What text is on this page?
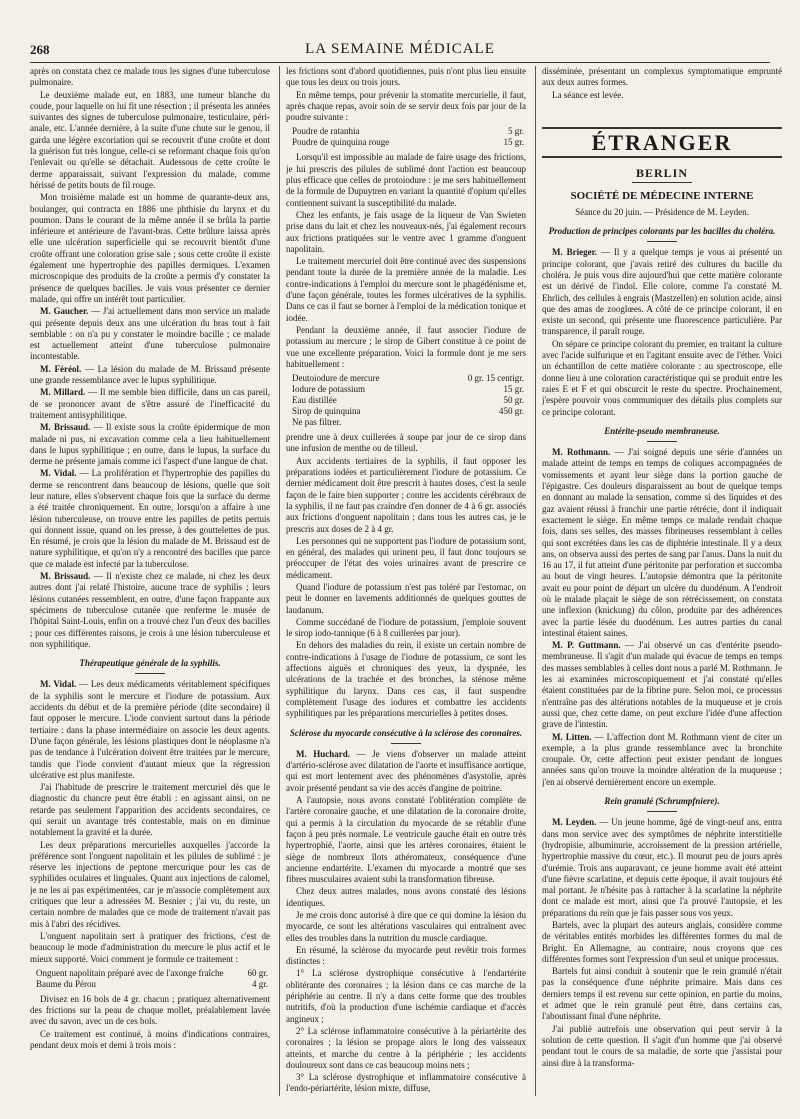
268	LA SEMAINE MÉDICALE

après on constata chez ce malade tous les signes d'une tuberculose pulmonaire.

Le deuxième malade eut, en 1883, une tumeur blanche du coude, pour laquelle on lui fit une résection ; il présenta les années suivantes des signes de tuberculose pulmonaire, testiculaire, péri-anale, etc. L'année dernière, à la suite d'une chute sur le genou, il garda une légère excoriation qui se recouvrit d'une croûte et dont la guérison fut très longue, celle-ci se reformant chaque fois qu'on l'enlevait ou qu'elle se détachait. Audessous de cette croûte le derme apparaissait, suivant l'expression du malade, comme hérissé de petits bouts de fil rouge.

Mon troisième malade est un homme de quarante-deux ans, boulanger, qui contracta en 1886 une phthisie du larynx et du poumon. Dans le courant de la même année il se brûla la partie inférieure et antérieure de l'avant-bras. Cette brûlure laissa après elle une ulcération superficielle qui se recouvrit bientôt d'une croûte offrant une coloration grise sale ; sous cette croûte il existe également une hypertrophie des papilles dermiques. L'examen microscopique des produits de la croûte a permis d'y constater la présence de quelques bacilles. Je vais vous présenter ce dernier malade, qui offre un intérêt tout particulier.

M. Gaucher. — J'ai actuellement dans mon service un malade qui présente depuis deux ans une ulcération du bras tout à fait semblable : on n'a pu y constater le moindre bacille ; ce malade est actuellement atteint d'une tuberculose pulmonaire incontestable.

M. Féréol. — La lésion du malade de M. Brissaud présente une grande ressemblance avec le lupus syphilitique.

M. Millard. — Il me semble bien difficile, dans un cas pareil, de se prononcer avant de s'être assuré de l'inefficacité du traitement antisyphilitique.

M. Brissaud. — Il existe sous la croûte épidermique de mon malade ni pus, ni excavation comme cela a lieu habituellement dans le lupus syphilitique ; en outre, dans le lupus, la surface du derme ne présente jamais comme ici l'aspect d'une langue de chat.

M. Vidal. — La prolifération et l'hypertrophie des papilles du derme se rencontrent dans beaucoup de lésions, quelle que soit leur nature, elles s'observent chaque fois que la surface du derme a été traitée chroniquement. En outre, lorsqu'on a affaire à une lésion tuberculeuse, on trouve entre les papilles de petits pertuis qui donnent issue, quand on les presse, à des gouttelettes de pus. En résumé, je crois que la lésion du malade de M. Brissaud est de nature syphilitique, et qu'on n'y a rencontré des bacilles que parce que ce malade est infecté par la tuberculose.

M. Brissaud. — Il n'existe chez ce malade, ni chez les deux autres dont j'ai relaté l'histoire, aucune trace de syphilis ; leurs lésions cutanées ressemblent, en outre, d'une façon frappante aux spécimens de tuberculose cutanée que renferme le musée de l'hôpital Saint-Louis, enfin on a trouvé chez l'un d'eux des bacilles ; pour ces différentes raisons, je crois à une lésion tuberculeuse et non syphilitique.

Thérapeutique générale de la syphilis.

M. Vidal. — Les deux médicaments véritablement spécifiques de la syphilis sont le mercure et l'iodure de potassium. Aux accidents du début et de la première période (dite secondaire) il faut opposer le mercure. L'iode convient surtout dans la période tertiaire : dans la phase intermédiaire on associe les deux agents. D'une façon générale, les lésions plastiques dont le néoplasme n'a pas de tendance à l'ulcération doivent être traitées par le mercure, tandis que l'iode convient d'autant mieux que la régression ulcérative est plus manifeste.

J'ai l'habitude de prescrire le traitement mercuriel dès que le diagnostic du chancre peut être établi : en agissant ainsi, on ne retarde pas seulement l'apparition des accidents secondaires, ce qui serait un avantage très contestable, mais on en diminue notablement la gravité et la durée.

Les deux préparations mercurielles auxquelles j'accorde la préférence sont l'onguent napolitain et les pilules de sublimé : je réserve les injections de peptone mercurique pour les cas de syphilides oculaires et linguales. Quant aux injections de calomel, je ne les ai pas expérimentées, car je m'associe complètement aux critiques que leur a adressées M. Besnier ; j'ai vu, du reste, un certain nombre de malades que ce mode de traitement n'avait pas mis à l'abri des récidives.

L'onguent napolitain sert à pratiquer des frictions, c'est de beaucoup le mode d'administration du mercure le plus actif et le mieux supporté. Voici comment je formule ce traitement :

Onguent napolitain préparé avec de l'axonge fraîche	60 gr.
Baume du Pérou	4 gr.

Divisez en 16 bols de 4 gr. chacun ; pratiquez alternativement des frictions sur la peau de chaque mollet, préalablement lavée avec du savon, avec un de ces bols.

Ce traitement est continué, à moins d'indications contraires, pendant deux mois et demi à trois mois :

les frictions sont d'abord quotidiennes, puis n'ont plus lieu ensuite que tous les deux ou trois jours.

En même temps, pour prévenir la stomatite mercurielle, il faut, après chaque repas, avoir soin de se servir deux fois par jour de la poudre suivante :

Poudre de ratanhia	5 gr.
Poudre de quinquina rouge	15 gr.

Lorsqu'il est impossible au malade de faire usage des frictions, je lui prescris des pilules de sublimé dont l'action est beaucoup plus efficace que celles de protoiodure : je me sers habituellement de la formule de Dupuytren en variant la quantité d'opium qu'elles contiennent suivant la susceptibilité du malade.

Chez les enfants, je fais usage de la liqueur de Van Swieten prise dans du lait et chez les nouveaux-nés, j'ai également recours aux frictions pratiquées sur le ventre avec 1 gramme d'onguent napolitain.

Le traitement mercuriel doit être continué avec des suspensions pendant toute la durée de la première année de la maladie. Les contre-indications à l'emploi du mercure sont le phagédénisme et, d'une façon générale, toutes les formes ulcératives de la syphilis. Dans ce cas il faut se borner à l'emploi de la médication tonique et iodée.

Pendant la deuxième année, il faut associer l'iodure de potassium au mercure ; le sirop de Gibert constitue à ce point de vue une excellente préparation. Voici la formule dont je me sers habituellement :

Deutoiodure de mercure	0 gr. 15 centigr.
Iodure de potassium	15 gr.
Eau distillée	50 gr.
Sirop de quinquina	450 gr.
Ne pas filtrer.	

prendre une à deux cuillerées à soupe par jour de ce sirop dans une infusion de menthe ou de tilleul.

Aux accidents tertiaires de la syphilis, il faut opposer les préparations iodées et particulièrement l'iodure de potassium. Ce dernier médicament doit être prescrit à hautes doses, c'est la seule façon de le faire bien supporter ; contre les accidents cérébraux de la syphilis, il ne faut pas craindre d'en donner de 4 à 6 gr. associés aux frictions d'onguent napolitain ; dans tous les autres cas, je le prescris aux doses de 2 à 4 gr.

Les personnes qui ne supportent pas l'iodure de potassium sont, en général, des malades qui urinent peu, il faut donc toujours se préoccuper de l'état des voies urinaires avant de prescrire ce médicament.

Quand l'iodure de potassium n'est pas toléré par l'estomac, on peut le donner en lavements additionnés de quelques gouttes de laudanum.

Comme succédané de l'iodure de potassium, j'emploie souvent le sirop iodo-tannique (6 à 8 cuillerées par jour).

En dehors des maladies du rein, il existe un certain nombre de contre-indications à l'usage de l'iodure de potassium, ce sont les affections aiguës et chroniques des yeux, la dyspnée, les ulcérations de la trachée et des bronches, la sténose même syphilitique du larynx. Dans ces cas, il faut suspendre complètement l'usage des iodures et combattre les accidents syphilitiques par les préparations mercurielles à petites doses.

Sclérose du myocarde consécutive à la sclérose des coronaires.

M. Huchard. — Je viens d'observer un malade atteint d'artério-sclérose avec dilatation de l'aorte et insuffisance aortique, qui est mort lentement avec des phénomènes d'asystolie, après avoir présenté pendant sa vie des accès d'angine de poitrine.

A l'autopsie, nous avons constaté l'oblitération complète de l'artère coronaire gauche, et une dilatation de la coronaire droite, qui a permis à la circulation du myocarde de se rétablir d'une façon à peu près normale. Le ventricule gauche était en outre très hypertrophié, l'aorte, ainsi que les artères coronaires, étaient le siège de nombreux îlots athéromateux, conséquence d'une ancienne endartérite. L'examen du myocarde a montré que ses fibres musculaires avaient subi la transformation fibreuse.

Chez deux autres malades, nous avons constaté des lésions identiques.

Je me crois donc autorisé à dire que ce qui domine la lésion du myocarde, ce sont les altérations vasculaires qui entraînent avec elles des troubles dans la nutrition du muscle cardiaque.

En résumé, la sclérose du myocarde peut revêtir trois formes distinctes :

1° La sclérose dystrophique consécutive à l'endartérite oblitérante des coronaires ; la lésion dans ce cas marche de la périphérie au centre. Il n'y a dans cette forme que des troubles nutritifs, d'où la production d'une ischémie cardiaque et d'accès angineux ;

2° La sclérose inflammatoire consécutive à la périartérite des coronaires ; la lésion se propage alors le long des vaisseaux atteints, et marche du centre à la périphérie ; les accidents douloureux sont dans ce cas beaucoup moins nets ;

3° La sclérose dystrophique et inflammatoire consécutive à l'endo-périartérite, lésion mixte, diffuse,

disséminée, présentant un complexus symptomatique emprunté aux deux autres formes.

La séance est levée.

ÉTRANGER
BERLIN
SOCIÉTÉ DE MÉDECINE INTERNE
Séance du 20 juin. — Présidence de M. Leyden.
Production de principes colorants par les bacilles du choléra.

M. Brieger. — Il y a quelque temps je vous ai présenté un principe colorant, que j'avais retiré des cultures du bacille du choléra. Je puis vous dire aujourd'hui que cette matière colorante est un dérivé de l'indol. Elle colore, comme l'a constaté M. Ehrlich, des cellules à engrais (Mastzellen) en solution acide, ainsi que des amas de zooglœes. A côté de ce principe colorant, il en existe un second, qui présente une fluorescence particulière. Par transparence, il paraît rouge.

On sépare ce principe colorant du premier, en traitant la culture avec l'acide sulfurique et en l'agitant ensuite avec de l'éther. Voici un échantillon de cette matière colorante : au spectroscope, elle donne lieu à une coloration caractéristique qui se produit entre les raies E et F et qui obscurcit le reste du spectre. Prochainement, j'espère pouvoir vous communiquer des détails plus complets sur ce principe colorant.

Entérite-pseudo membraneuse.

M. Rothmann. — J'ai soigné depuis une série d'années un malade atteint de temps en temps de coliques accompagnées de vomissements et ayant leur siège dans la portion gauche de l'épigastre. Ces douleurs disparaissent au bout de quelque temps en donnant au malade la sensation, comme si des liquides et des gaz avaient réussi à franchir une partie rétrécie, dont il indiquait exactement le siège. En même temps ce malade rendait chaque fois, dans ses selles, des masses fibrineuses ressemblant à celles qui sont excrétées dans les cas de diphtérie intestinale. Il y a deux ans, on observa aussi des pertes de sang par l'anus. Dans la nuit du 16 au 17, il fut atteint d'une péritonite par perforation et succomba au bout de vingt heures. L'autopsie démontra que la péritonite avait eu pour point de départ un ulcère du duodénum. A l'endroit où le malade plaçait le siège de son rétrécissement, on constata une inflexion (knickung) du côlon, produite par des adhérences avec la partie lésée du duodénum. Les autres parties du canal intestinal étaient saines.

M. P. Guttmann. — J'ai observé un cas d'entérite pseudo-membraneuse. Il s'agit d'un malade qui évacue de temps en temps des masses semblables à celles dont nous a parlé M. Rothmann. Je les ai examinées microscopiquement et j'ai constaté qu'elles étaient constituées par de la fibrine pure. Selon moi, ce processus n'entraîne pas des altérations notables de la muqueuse et je crois aussi que, chez cette dame, on peut exclure l'idée d'une affection grave de l'intestin.

M. Litten. — L'affection dont M. Rothmann vient de citer un exemple, a la plus grande ressemblance avec la bronchite croupale. Or, cette affection peut exister pendant de longues années sans qu'on trouve la moindre altération de la muqueuse ; j'en ai observé dernièrement encore un exemple.

Rein granulé (Schrumpfniere).

M. Leyden. — Un jeune homme, âgé de vingt-neuf ans, entra dans mon service avec des symptômes de néphrite interstitielle (hydropisie, albuminurie, accroissement de la pression artérielle, hypertrophie massive du cœur, etc.). Il mourut peu de jours après d'urémie. Trois ans auparavant, ce jeune homme avait été atteint d'une fièvre scarlatine, et depuis cette époque, il avait toujours été mal portant. Je n'hésite pas à rattacher à la scarlatine la néphrite dont ce malade est mort, ainsi que l'a prouvé l'autopsie, et les préparations du rein que je fais passer sous vos yeux.

Bartels, avec la plupart des auteurs anglais, considère comme de véritables entités morbides les différentes formes du mal de Bright. En Allemagne, au contraire, nous croyons que ces différentes formes sont l'expression d'un seul et unique processus.

Bartels fut ainsi conduit à soutenir que le rein granulé n'était pas la conséquence d'une néphrite primaire. Mais dans ces derniers temps il est revenu sur cette opinion, en partie du moins, et admet que le rein granulé peut être, dans certains cas, l'aboutissant final d'une néphrite.

J'ai publié autrefois une observation qui peut servir à la solution de cette question. Il s'agit d'un homme que j'ai observé pendant tout le cours de sa maladie, de sorte que j'assistai pour ainsi dire à la transforma-
